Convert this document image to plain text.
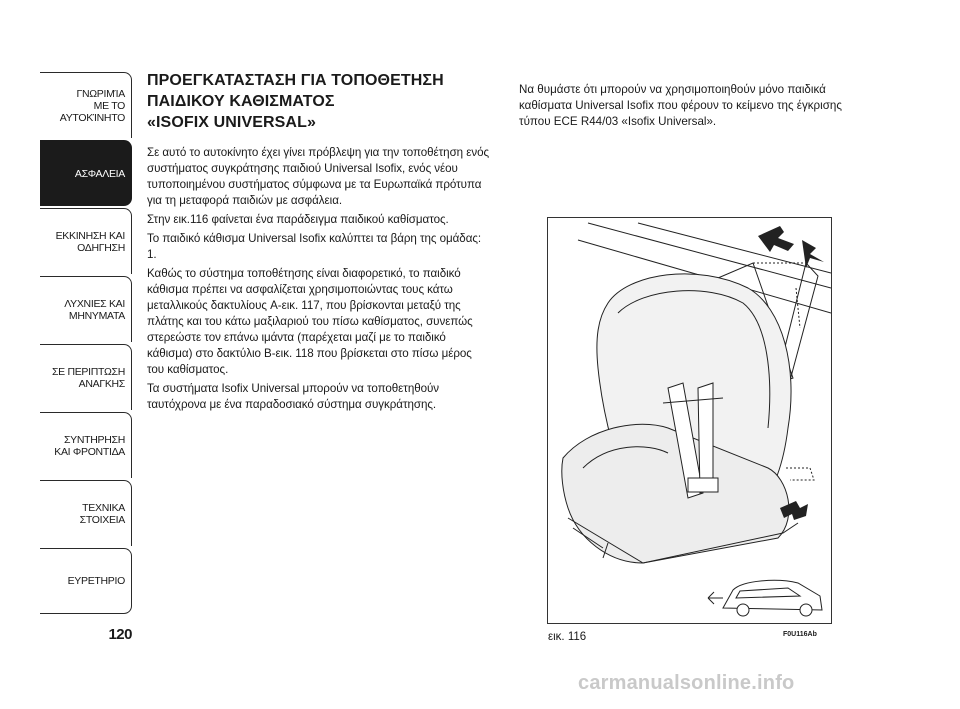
ΓΝΩΡΙΜΊΑ
ΜΕ ΤΟ
ΑΥΤΟΚΊΝΗΤΟ
ΑΣΦΑΛΕΙΑ
ΕΚΚΙΝΗΣΗ ΚΑΙ
ΟΔΗΓΗΣΗ
ΛΥΧΝΙΕΣ ΚΑΙ
ΜΗΝΥΜΑΤΑ
ΣΕ ΠΕΡΙΠΤΩΣΗ
ΑΝΑΓΚΗΣ
ΣΥΝΤΗΡΗΣΗ
ΚΑΙ ΦΡΟΝΤΙΔΑ
ΤΕΧΝΙΚΑ
ΣΤΟΙΧΕΙΑ
ΕΥΡΕΤΗΡΙΟ
120
ΠΡΟΕΓΚΑΤΑΣΤΑΣΗ ΓΙΑ ΤΟΠΟΘΕΤΗΣΗ
ΠΑΙΔΙΚΟΥ ΚΑΘΙΣΜΑΤΟΣ
«ISOFIX UNIVERSAL»

Σε αυτό το αυτοκίνητο έχει γίνει πρόβλεψη για την τοποθέτηση ενός συστήματος συγκράτησης παιδιού Universal Isofix, ενός νέου τυποποιημένου συστήματος σύμφωνα με τα Ευρωπαϊκά πρότυπα για τη μεταφορά παιδιών με ασφάλεια.

Στην εικ.116 φαίνεται ένα παράδειγμα παιδικού καθίσματος.

Το παιδικό κάθισμα Universal Isofix καλύπτει τα βάρη της ομάδας: 1.

Καθώς το σύστημα τοποθέτησης είναι διαφορετικό, το παιδικό κάθισμα πρέπει να ασφαλίζεται χρησιμοποιώντας τους κάτω μεταλλικούς δακτυλίους A-εικ. 117, που βρίσκονται μεταξύ της πλάτης και του κάτω μαξιλαριού του πίσω καθίσματος, συνεπώς στερεώστε τον επάνω ιμάντα (παρέχεται μαζί με το παιδικό κάθισμα) στο δακτύλιο B-εικ. 118 που βρίσκεται στο πίσω μέρος του καθίσματος.

Τα συστήματα Isofix Universal μπορούν να τοποθετηθούν ταυτόχρονα με ένα παραδοσιακό σύστημα συγκράτησης.

Να θυμάστε ότι μπορούν να χρησιμοποιηθούν μόνο παιδικά καθίσματα Universal Isofix που φέρουν το κείμενο της έγκρισης τύπου ECE R44/03 «Isofix Universal».

εικ. 116	F0U116Ab
carmanualsonline.info
